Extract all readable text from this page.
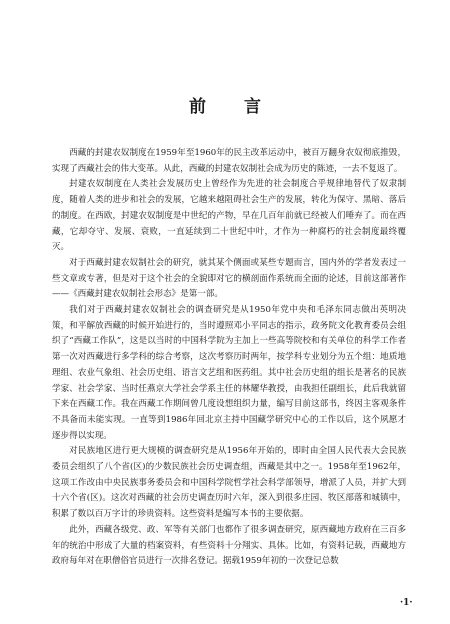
前 言

西藏的封建农奴制度在1959年至1960年的民主改革运动中，被百万翻身农奴彻底推毁，实现了西藏社会的伟大变革。从此，西藏的封建农奴制社会成为历史的陈迹，一去不复返了。

封建农奴制度在人类社会发展历史上曾经作为先进的社会制度合乎规律地替代了奴隶制度，随着人类的进步和社会的发展，它越来越阻碍社会生产的发展，转化为保守、黑暗、落后的制度。在西欧，封建农奴制度是中世纪的产物，早在几百年前就已经被人们唾弃了。而在西藏，它却夺守、发展、衰败，一直延续到二十世纪中叶，才作为一种腐朽的社会制度最终覆灭。

对于西藏封建农奴制社会的研究，就其某个侧面或某些专题而言，国内外的学者发表过一些文章或专著，但是对于这个社会的全貌即对它的横剖面作系统而全面的论述，目前这部著作——《西藏封建农奴制社会形态》是第一部。

我们对于西藏封建农奴制社会的调查研究是从1950年党中央和毛泽东同志做出英明决策，和平解放西藏的时候开始进行的，当时遵照邓小平同志的指示，政务院文化教育委员会组织了“西藏工作队”，这是以当时的中国科学院为主加上一些高等院校和有关单位的科学工作者第一次对西藏进行多学科的综合考察，这次考察历时两年，按学科专业划分为五个组：地质地理组、农业气象组、社会历史组、语言文艺组和医药组。其中社会历史组的组长是著名的民族学家、社会学家、当时任燕京大学社会学系主任的林耀华教授，由我担任副组长，此后我就留下来在西藏工作。我在西藏工作期间曾几度设想组织力量，编写目前这部书，终因主客观条件不具备而未能实现。一直等到1986年回北京主持中国藏学研究中心的工作以后，这个夙愿才逐步得以实现。

对民族地区进行更大规模的调查研究是从1956年开始的，即时由全国人民代表大会民族委员会组织了八个省(区)的少数民族社会历史调查组，西藏是其中之一。1958年至1962年，这项工作改由中央民族事务委员会和中国科学院哲学社会科学部领导，增派了人员，并扩大到十六个省(区)。这次对西藏的社会历史调查历时六年，深入到很多庄园、牧区部落和城镇中，积累了数以百万字计的珍贵资料。这些资料是编写本书的主要依据。

此外，西藏各级党、政、军等有关部门也都作了很多调查研究，原西藏地方政府在三百多年的统治中形成了大量的档案资料，有些资料十分翔实、具体。比如，有资料记载，西藏地方政府每年对在职僧俗官员进行一次排名登记。据载1959年初的一次登记总数

·1·
